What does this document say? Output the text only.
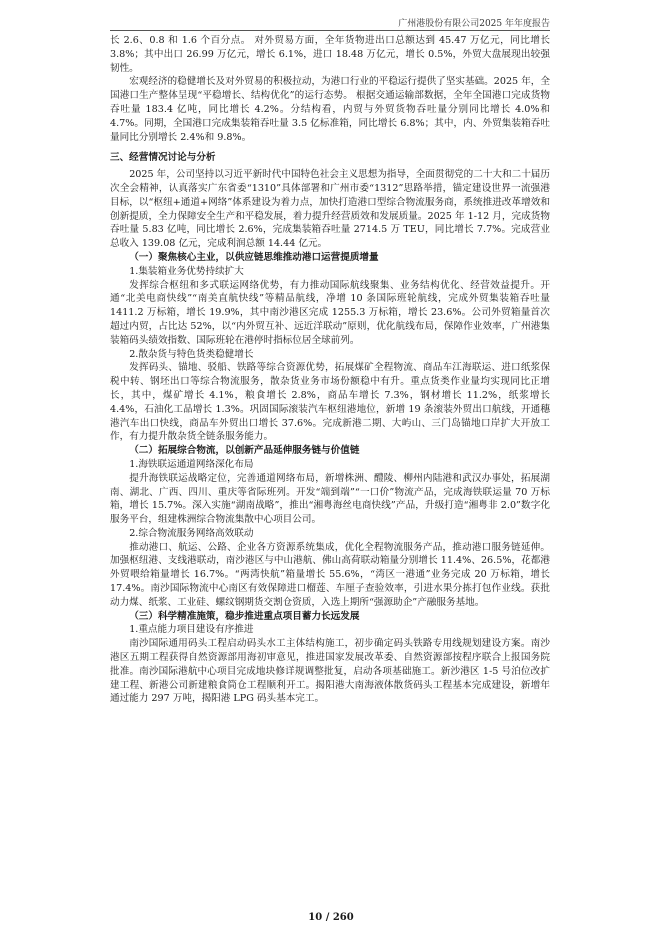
广州港股份有限公司2025 年年度报告

长 2.6、0.8 和 1.6 个百分点。 对外贸易方面，全年货物进出口总额达到 45.47 万亿元，同比增长 3.8%；其中出口 26.99 万亿元，增长 6.1%，进口 18.48 万亿元，增长 0.5%，外贸大盘展现出较强韧性。

宏观经济的稳健增长及对外贸易的积极拉动，为港口行业的平稳运行提供了坚实基础。2025 年，全国港口生产整体呈现“平稳增长、结构优化”的运行态势。 根据交通运输部数据，全年全国港口完成货物吞吐量 183.4 亿吨，同比增长 4.2%。分结构看，内贸与外贸货物吞吐量分别同比增长 4.0%和 4.7%。同期，全国港口完成集装箱吞吐量 3.5 亿标准箱，同比增长 6.8%；其中，内、外贸集装箱吞吐量同比分别增长 2.4%和 9.8%。

三、经营情况讨论与分析

2025 年，公司坚持以习近平新时代中国特色社会主义思想为指导，全面贯彻党的二十大和二十届历次全会精神，认真落实广东省委“1310”具体部署和广州市委“1312”思路举措，锚定建设世界一流强港目标，以“枢纽+通道+网络”体系建设为着力点，加快打造港口型综合物流服务商，系统推进改革增效和创新提质，全力保障安全生产和平稳发展，着力提升经营质效和发展质量。2025 年 1-12 月，完成货物吞吐量 5.83 亿吨，同比增长 2.6%，完成集装箱吞吐量 2714.5 万 TEU，同比增长 7.7%。完成营业总收入 139.08 亿元，完成利润总额 14.44 亿元。

（一）聚焦核心主业，以供应链思维推动港口运营提质增量

1.集装箱业务优势持续扩大

发挥综合枢纽和多式联运网络优势，有力推动国际航线聚集、业务结构优化、经营效益提升。开通“北美电商快线”“南美直航快线”等精品航线，净增 10 条国际班轮航线，完成外贸集装箱吞吐量 1411.2 万标箱，增长 19.9%，其中南沙港区完成 1255.3 万标箱，增长 23.6%。公司外贸箱量首次超过内贸，占比达 52%，以“内外贸互补、远近洋联动”原则，优化航线布局，保障作业效率，广州港集装箱码头绩效指数、国际班轮在港停时指标位居全球前列。

2.散杂货与特色货类稳健增长

发挥码头、锚地、驳船、铁路等综合资源优势，拓展煤矿全程物流、商品车江海联运、进口纸浆保税中转、钢坯出口等综合物流服务，散杂货业务市场份额稳中有升。重点货类作业量均实现同比正增长，其中，煤矿增长 4.1%，粮食增长 2.8%，商品车增长 7.3%，钢材增长 11.2%，纸浆增长 4.4%，石油化工品增长 1.3%。巩固国际滚装汽车枢纽港地位，新增 19 条滚装外贸出口航线，开通穗港汽车出口快线，商品车外贸出口增长 37.6%。完成新港二期、大屿山、三门岛锚地口岸扩大开放工作，有力提升散杂货全链条服务能力。

（二）拓展综合物流，以创新产品延伸服务链与价值链

1.海铁联运通道网络深化布局

提升海铁联运战略定位，完善通道网络布局，新增株洲、醴陵、柳州内陆港和武汉办事处，拓展湖南、湖北、广西、四川、重庆等省际班列。开发“端到端”“一口价”物流产品，完成海铁联运量 70 万标箱，增长 15.7%。深入实施“湖南战略”，推出“湘粤海丝电商快线”产品，升级打造“湘粤非 2.0”数字化服务平台，组建株洲综合物流集散中心项目公司。

2.综合物流服务网络高效联动

推动港口、航运、公路、企业各方资源系统集成，优化全程物流服务产品，推动港口服务链延伸。加强枢纽港、支线港联动，南沙港区与中山港航、佛山高荷联动箱量分别增长 11.4%、26.5%，花都港外贸喂给箱量增长 16.7%。“两湾快航”箱量增长 55.6%，“湾区一港通”业务完成 20 万标箱，增长 17.4%。南沙国际物流中心南区有效保障进口榴莲、车厘子查验效率，引进水果分拣打包作业线。获批动力煤、纸浆、工业硅、螺纹钢期货交割仓资质，入选上期所“强源助企”产融服务基地。

（三）科学精准施策，稳步推进重点项目蓄力长远发展

1.重点能力项目建设有序推进

南沙国际通用码头工程启动码头水工主体结构施工，初步确定码头铁路专用线规划建设方案。南沙港区五期工程获得自然资源部用海初审意见，推进国家发展改革委、自然资源部按程序联合上报国务院批准。南沙国际港航中心项目完成地块修详规调整批复，启动各项基础施工。新沙港区 1-5 号泊位改扩建工程、新港公司新建粮食筒仓工程顺利开工。揭阳港大南海液体散货码头工程基本完成建设，新增年通过能力 297 万吨，揭阳港 LPG 码头基本完工。

10 / 260
